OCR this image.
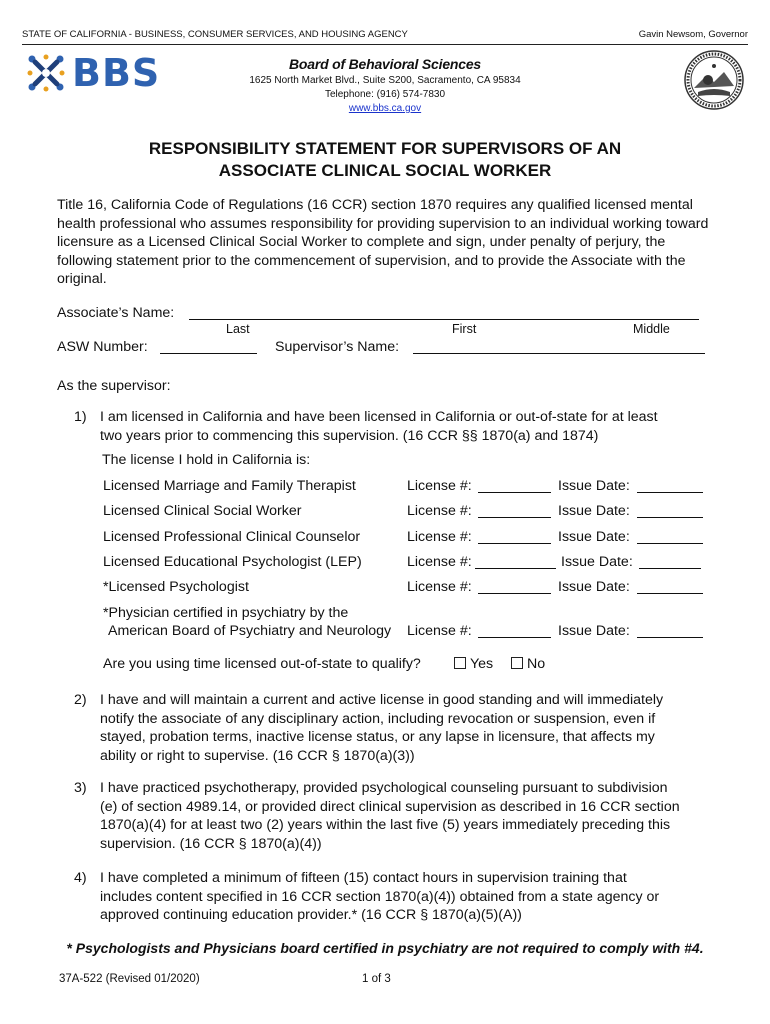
STATE OF CALIFORNIA - BUSINESS, CONSUMER SERVICES, AND HOUSING AGENCY	Gavin Newsom, Governor
BBS	Board of Behavioral Sciences
1625 North Market Blvd., Suite S200, Sacramento, CA 95834
Telephone: (916) 574-7830
www.bbs.ca.gov
RESPONSIBILITY STATEMENT FOR SUPERVISORS OF AN
ASSOCIATE CLINICAL SOCIAL WORKER
Title 16, California Code of Regulations (16 CCR) section 1870 requires any qualified licensed mental health professional who assumes responsibility for providing supervision to an individual working toward licensure as a Licensed Clinical Social Worker to complete and sign, under penalty of perjury, the following statement prior to the commencement of supervision, and to provide the Associate with the original.
Associate’s Name:
Last	First	Middle
ASW Number:	Supervisor’s Name:
As the supervisor:
1) I am licensed in California and have been licensed in California or out-of-state for at least
two years prior to commencing this supervision. (16 CCR §§ 1870(a) and 1874)
The license I hold in California is:
Licensed Marriage and Family Therapist	License #:	Issue Date:
Licensed Clinical Social Worker	License #:	Issue Date:
Licensed Professional Clinical Counselor	License #:	Issue Date:
Licensed Educational Psychologist (LEP)	License #:	Issue Date:
*Licensed Psychologist	License #:	Issue Date:
*Physician certified in psychiatry by the
American Board of Psychiatry and Neurology License #:	Issue Date:
Are you using time licensed out-of-state to qualify?	Yes	No
2) I have and will maintain a current and active license in good standing and will immediately
notify the associate of any disciplinary action, including revocation or suspension, even if
stayed, probation terms, inactive license status, or any lapse in licensure, that affects my
ability or right to supervise. (16 CCR § 1870(a)(3))
3) I have practiced psychotherapy, provided psychological counseling pursuant to subdivision
(e) of section 4989.14, or provided direct clinical supervision as described in 16 CCR section
1870(a)(4) for at least two (2) years within the last five (5) years immediately preceding this
supervision. (16 CCR § 1870(a)(4))
4) I have completed a minimum of fifteen (15) contact hours in supervision training that
includes content specified in 16 CCR section 1870(a)(4)) obtained from a state agency or
approved continuing education provider.* (16 CCR § 1870(a)(5)(A))
* Psychologists and Physicians board certified in psychiatry are not required to comply with #4.
37A-522 (Revised 01/2020)	1 of 3
